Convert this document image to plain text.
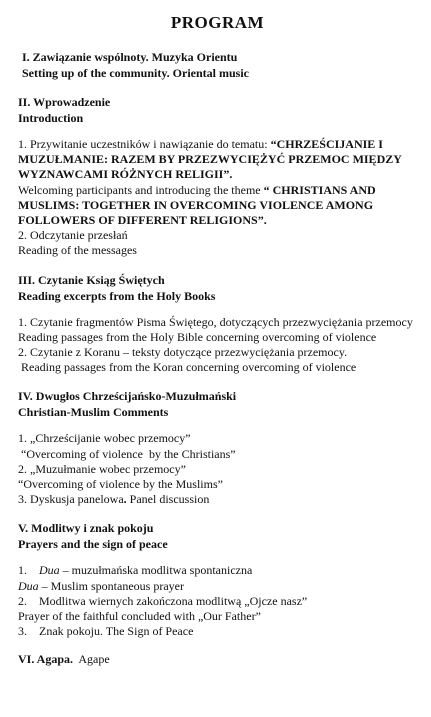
PROGRAM
I. Zawiązanie wspólnoty. Muzyka Orientu
Setting up of the community. Oriental music
II. Wprowadzenie
Introduction
1. Przywitanie uczestników i nawiązanie do tematu: “CHRZEŚCIJANIE I MUZUŁMANIE: RAZEM BY PRZEZWYCIĘŻYĆ PRZEMOC MIĘDZY WYZNAWCAMI RÓŻNYCH RELIGII”.
Welcoming participants and introducing the theme “ CHRISTIANS AND MUSLIMS: TOGETHER IN OVERCOMING VIOLENCE AMONG FOLLOWERS OF DIFFERENT RELIGIONS”.
2. Odczytanie przesłań
Reading of the messages
III. Czytanie Ksiąg Świętych
Reading excerpts from the Holy Books
1. Czytanie fragmentów Pisma Świętego, dotyczących przezwyciężania przemocy
Reading passages from the Holy Bible concerning overcoming of violence
2. Czytanie z Koranu – teksty dotyczące przezwyciężania przemocy.
Reading passages from the Koran concerning overcoming of violence
IV. Dwugłos Chrześcijańsko-Muzułmański
Christian-Muslim Comments
1. „Chrześcijanie wobec przemocy”
“Overcoming of violence  by the Christians”
2. „Muzułmanie wobec przemocy”
“Overcoming of violence by the Muslims”
3. Dyskusja panelowa. Panel discussion
V. Modlitwy i znak pokoju
Prayers and the sign of peace
1.    Dua – muzułmańska modlitwa spontaniczna
Dua – Muslim spontaneous prayer
2.    Modlitwa wiernych zakończona modlitwą „Ojcze nasz”
Prayer of the faithful concluded with „Our Father”
3.    Znak pokoju. The Sign of Peace
VI. Agapa.  Agape
